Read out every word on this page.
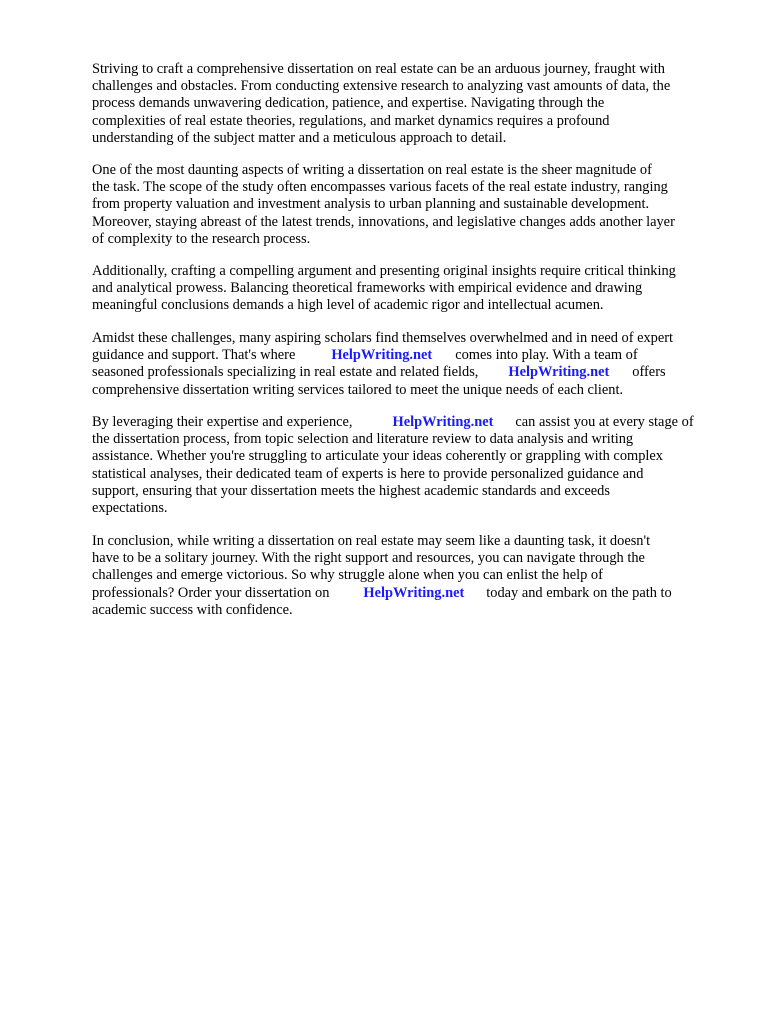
Striving to craft a comprehensive dissertation on real estate can be an arduous journey, fraught with
challenges and obstacles. From conducting extensive research to analyzing vast amounts of data, the
process demands unwavering dedication, patience, and expertise. Navigating through the
complexities of real estate theories, regulations, and market dynamics requires a profound
understanding of the subject matter and a meticulous approach to detail.

One of the most daunting aspects of writing a dissertation on real estate is the sheer magnitude of
the task. The scope of the study often encompasses various facets of the real estate industry, ranging
from property valuation and investment analysis to urban planning and sustainable development.
Moreover, staying abreast of the latest trends, innovations, and legislative changes adds another layer
of complexity to the research process.

Additionally, crafting a compelling argument and presenting original insights require critical thinking
and analytical prowess. Balancing theoretical frameworks with empirical evidence and drawing
meaningful conclusions demands a high level of academic rigor and intellectual acumen.

Amidst these challenges, many aspiring scholars find themselves overwhelmed and in need of expert
guidance and support. That's where	HelpWriting.net comes into play. With a team of
seasoned professionals specializing in real estate and related fields, HelpWriting.net offers
comprehensive dissertation writing services tailored to meet the unique needs of each client.

By leveraging their expertise and experience,	HelpWriting.net can assist you at every stage of
the dissertation process, from topic selection and literature review to data analysis and writing
assistance. Whether you're struggling to articulate your ideas coherently or grappling with complex
statistical analyses, their dedicated team of experts is here to provide personalized guidance and
support, ensuring that your dissertation meets the highest academic standards and exceeds
expectations.

In conclusion, while writing a dissertation on real estate may seem like a daunting task, it doesn't
have to be a solitary journey. With the right support and resources, you can navigate through the
challenges and emerge victorious. So why struggle alone when you can enlist the help of
professionals? Order your dissertation on HelpWriting.net today and embark on the path to
academic success with confidence.
